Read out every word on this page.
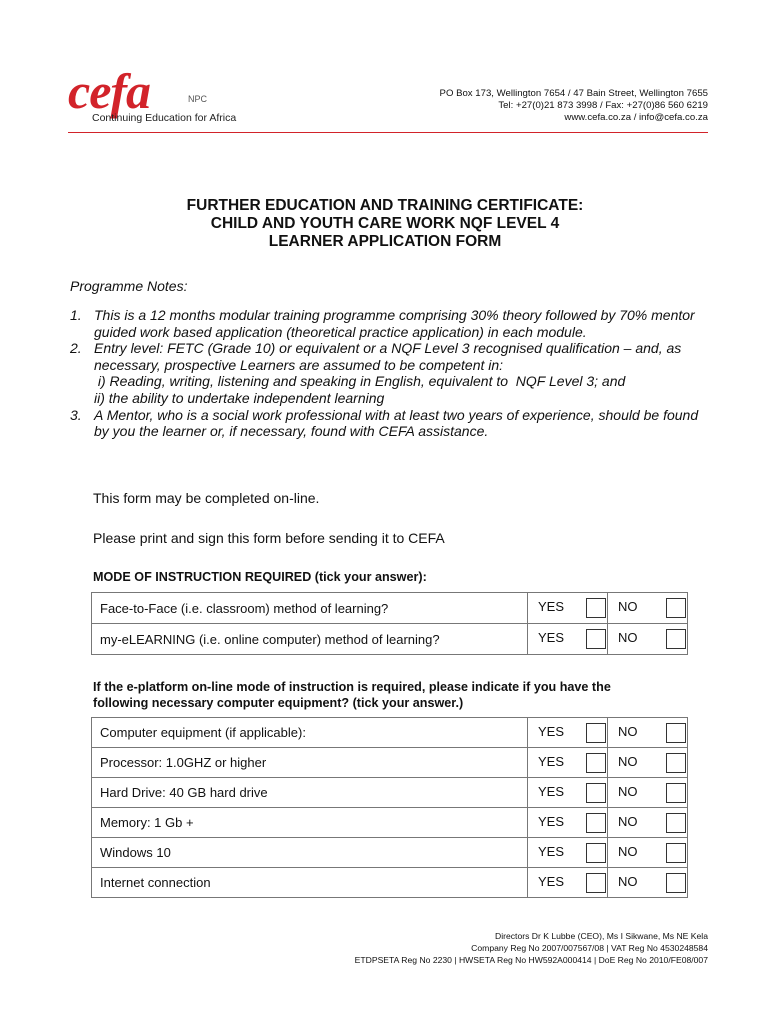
cefa	NPC
Continuing Education for Africa
PO Box 173, Wellington 7654 / 47 Bain Street, Wellington 7655
Tel: +27(0)21 873 3998 / Fax: +27(0)86 560 6219
www.cefa.co.za / info@cefa.co.za
FURTHER EDUCATION AND TRAINING CERTIFICATE:
CHILD AND YOUTH CARE WORK NQF LEVEL 4
LEARNER APPLICATION FORM
Programme Notes:
1. This is a 12 months modular training programme comprising 30% theory followed by 70% mentor guided work based application (theoretical practice application) in each module.
2. Entry level: FETC (Grade 10) or equivalent or a NQF Level 3 recognised qualification – and, as necessary, prospective Learners are assumed to be competent in:
i) Reading, writing, listening and speaking in English, equivalent to  NQF Level 3; and
ii) the ability to undertake independent learning
3. A Mentor, who is a social work professional with at least two years of experience, should be found by you the learner or, if necessary, found with CEFA assistance.
This form may be completed on-line.
Please print and sign this form before sending it to CEFA
MODE OF INSTRUCTION REQUIRED (tick your answer):
Face-to-Face (i.e. classroom) method of learning?	YES	NO
my-eLEARNING (i.e. online computer) method of learning?	YES	NO
If the e-platform on-line mode of instruction is required, please indicate if you have the following necessary computer equipment? (tick your answer.)
Computer equipment (if applicable):	YES	NO
Processor: 1.0GHZ or higher	YES	NO
Hard Drive: 40 GB hard drive	YES	NO
Memory: 1 Gb +	YES	NO
Windows 10	YES	NO
Internet connection	YES	NO
Directors Dr K Lubbe (CEO), Ms I Sikwane, Ms NE Kela
Company Reg No 2007/007567/08 | VAT Reg No 4530248584
ETDPSETA Reg No 2230 | HWSETA Reg No HW592A000414 | DoE Reg No 2010/FE08/007
